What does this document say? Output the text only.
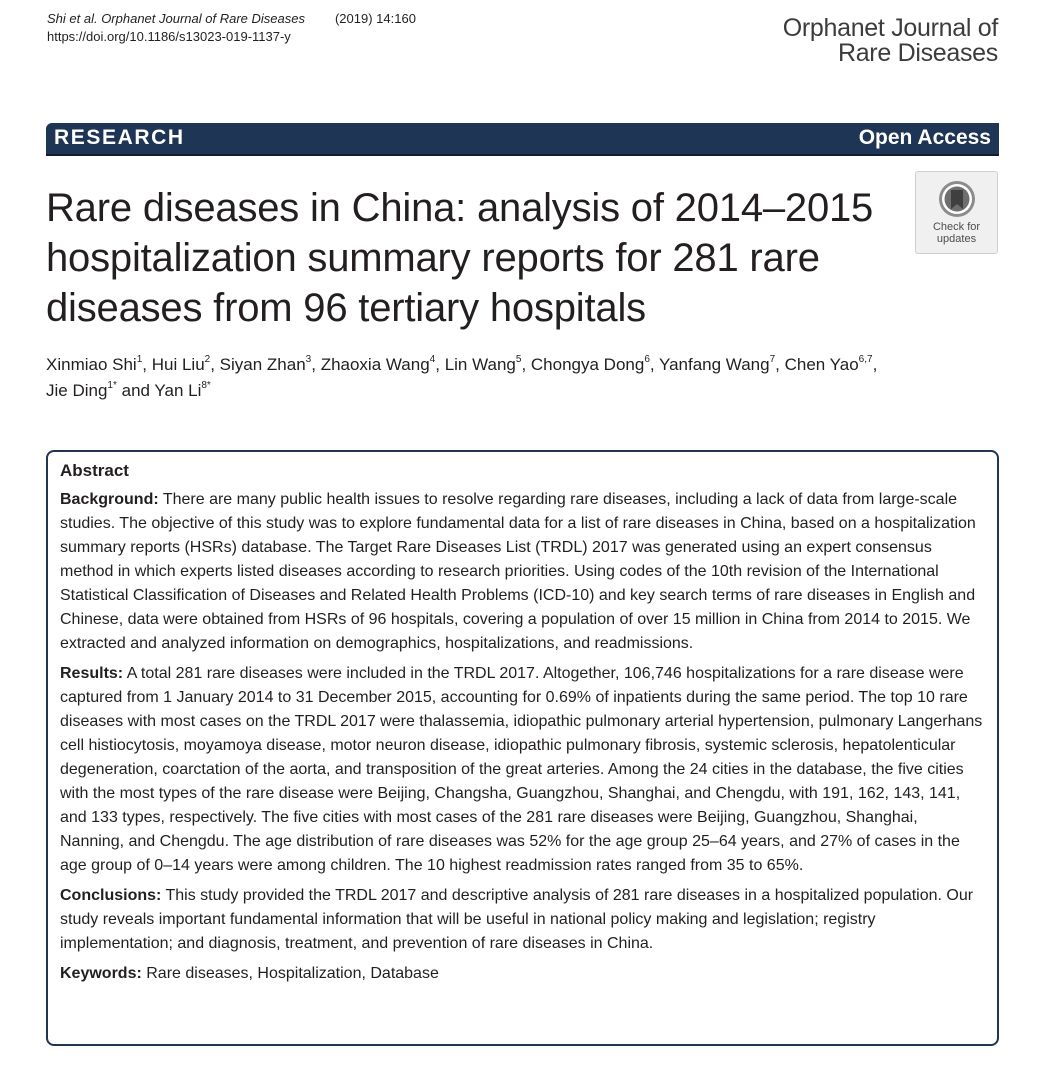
Shi et al. Orphanet Journal of Rare Diseases (2019) 14:160
https://doi.org/10.1186/s13023-019-1137-y	Orphanet Journal of
Rare Diseases
RESEARCH	Open Access
Rare diseases in China: analysis of 2014–2015 hospitalization summary reports for 281 rare diseases from 96 tertiary hospitals
Check for
updates
Xinmiao Shi$^1$, Hui Liu$^2$, Siyan Zhan$^3$, Zhaoxia Wang$^4$, Lin Wang$^5$, Chongya Dong$^6$, Yanfang Wang$^7$, Chen Yao$^{6,7}$,
Jie Ding$^{1*}$ and Yan $Li^{8*}$
Abstract

Background: There are many public health issues to resolve regarding rare diseases, including a lack of data from large-scale studies. The objective of this study was to explore fundamental data for a list of rare diseases in China, based on a hospitalization summary reports (HSRs) database. The Target Rare Diseases List (TRDL) 2017 was generated using an expert consensus method in which experts listed diseases according to research priorities. Using codes of the 10th revision of the International Statistical Classification of Diseases and Related Health Problems (ICD-10) and key search terms of rare diseases in English and Chinese, data were obtained from HSRs of 96 hospitals, covering a population of over 15 million in China from 2014 to 2015. We extracted and analyzed information on demographics, hospitalizations, and readmissions.

Results: A total 281 rare diseases were included in the TRDL 2017. Altogether, 106,746 hospitalizations for a rare disease were captured from 1 January 2014 to 31 December 2015, accounting for 0.69% of inpatients during the same period. The top 10 rare diseases with most cases on the TRDL 2017 were thalassemia, idiopathic pulmonary arterial hypertension, pulmonary Langerhans cell histiocytosis, moyamoya disease, motor neuron disease, idiopathic pulmonary fibrosis, systemic sclerosis, hepatolenticular degeneration, coarctation of the aorta, and transposition of the great arteries. Among the 24 cities in the database, the five cities with the most types of the rare disease were Beijing, Changsha, Guangzhou, Shanghai, and Chengdu, with 191, 162, 143, 141, and 133 types, respectively. The five cities with most cases of the 281 rare diseases were Beijing, Guangzhou, Shanghai, Nanning, and Chengdu. The age distribution of rare diseases was 52% for the age group 25–64 years, and 27% of cases in the age group of 0–14 years were among children. The 10 highest readmission rates ranged from 35 to 65%.

Conclusions: This study provided the TRDL 2017 and descriptive analysis of 281 rare diseases in a hospitalized population. Our study reveals important fundamental information that will be useful in national policy making and legislation; registry implementation; and diagnosis, treatment, and prevention of rare diseases in China.

Keywords: Rare diseases, Hospitalization, Database
